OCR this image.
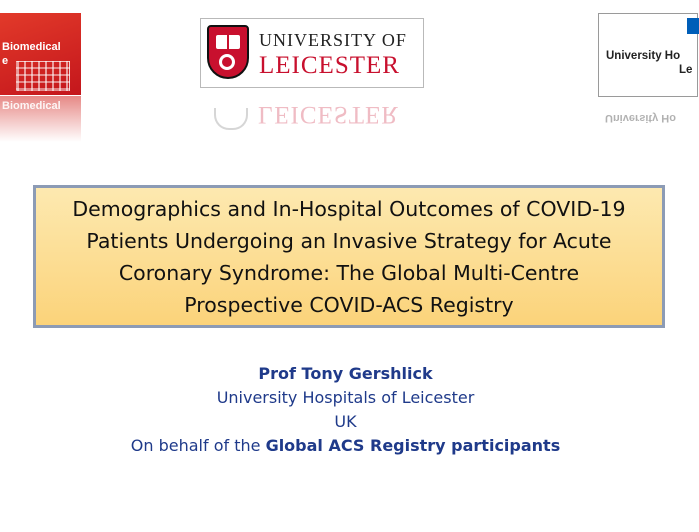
Biomedical
e
Biomedical
UNIVERSITY OF
LEICESTER
LEICESTER
University Ho
Le
University Ho
Demographics and In-Hospital Outcomes of COVID-19
Patients Undergoing an Invasive Strategy for Acute
Coronary Syndrome: The Global Multi-Centre
Prospective COVID-ACS Registry
Prof Tony Gershlick
University Hospitals of Leicester
UK
On behalf of the Global ACS Registry participants
